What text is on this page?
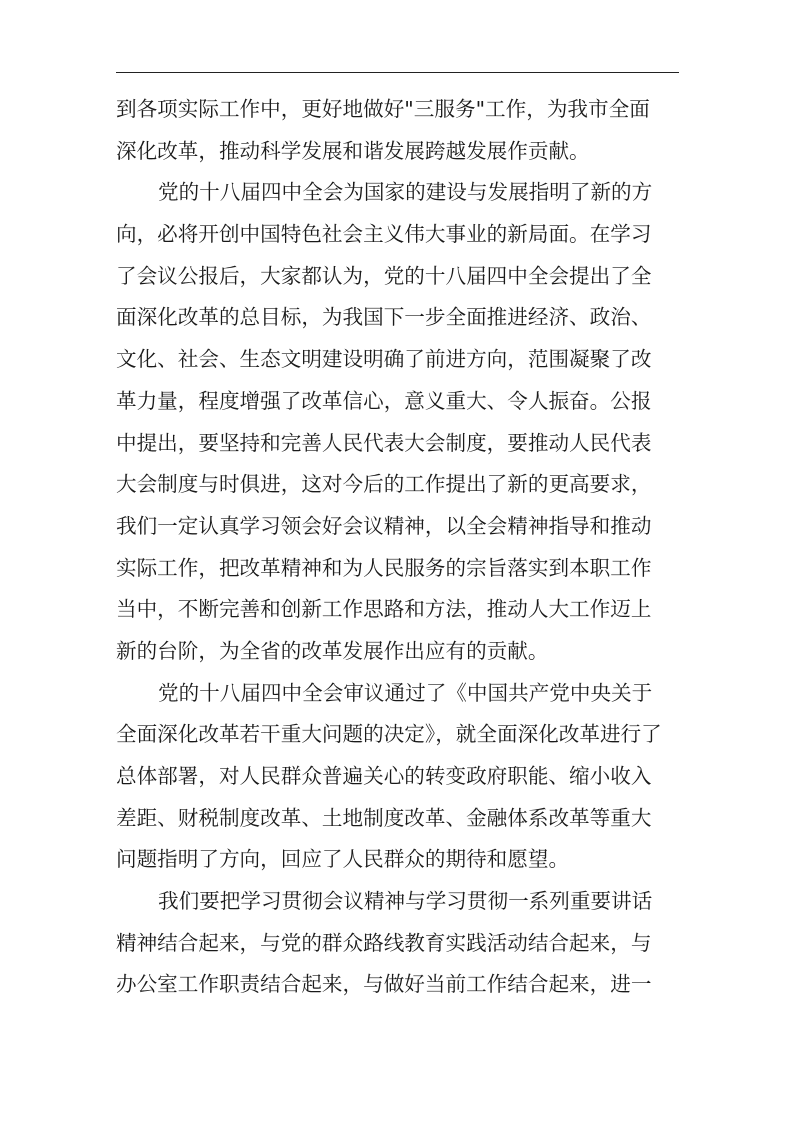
到各项实际工作中，更好地做好"三服务"工作，为我市全面
深化改革，推动科学发展和谐发展跨越发展作贡献。
党的十八届四中全会为国家的建设与发展指明了新的方
向，必将开创中国特色社会主义伟大事业的新局面。在学习
了会议公报后，大家都认为，党的十八届四中全会提出了全
面深化改革的总目标，为我国下一步全面推进经济、政治、
文化、社会、生态文明建设明确了前进方向，范围凝聚了改
革力量，程度增强了改革信心，意义重大、令人振奋。公报
中提出，要坚持和完善人民代表大会制度，要推动人民代表
大会制度与时俱进，这对今后的工作提出了新的更高要求，
我们一定认真学习领会好会议精神，以全会精神指导和推动
实际工作，把改革精神和为人民服务的宗旨落实到本职工作
当中，不断完善和创新工作思路和方法，推动人大工作迈上
新的台阶，为全省的改革发展作出应有的贡献。
党的十八届四中全会审议通过了《中国共产党中央关于
全面深化改革若干重大问题的决定》，就全面深化改革进行了
总体部署，对人民群众普遍关心的转变政府职能、缩小收入
差距、财税制度改革、土地制度改革、金融体系改革等重大
问题指明了方向，回应了人民群众的期待和愿望。
我们要把学习贯彻会议精神与学习贯彻一系列重要讲话
精神结合起来，与党的群众路线教育实践活动结合起来，与
办公室工作职责结合起来，与做好当前工作结合起来，进一
